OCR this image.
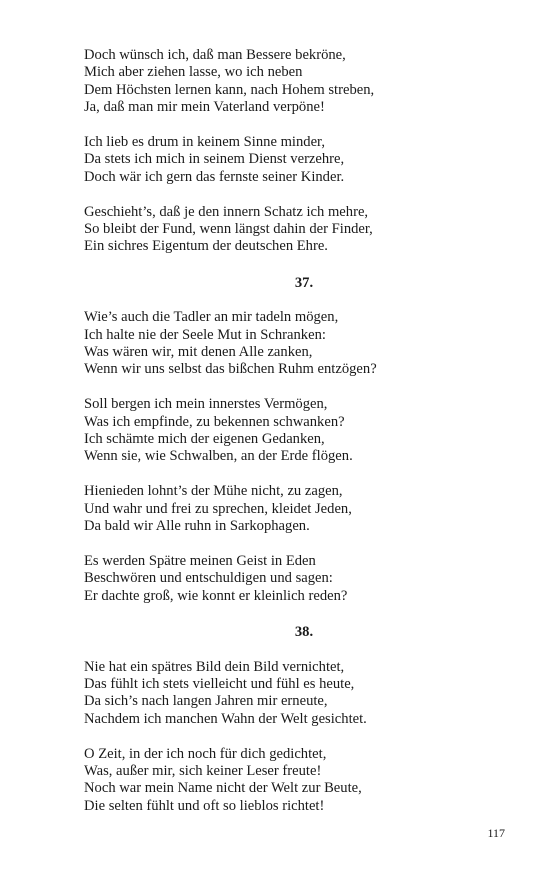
Doch wünsch ich, daß man Bessere bekröne,
Mich aber ziehen lasse, wo ich neben
Dem Höchsten lernen kann, nach Hohem streben,
Ja, daß man mir mein Vaterland verpöne!
Ich lieb es drum in keinem Sinne minder,
Da stets ich mich in seinem Dienst verzehre,
Doch wär ich gern das fernste seiner Kinder.
Geschieht’s, daß je den innern Schatz ich mehre,
So bleibt der Fund, wenn längst dahin der Finder,
Ein sichres Eigentum der deutschen Ehre.
37.
Wie’s auch die Tadler an mir tadeln mögen,
Ich halte nie der Seele Mut in Schranken:
Was wären wir, mit denen Alle zanken,
Wenn wir uns selbst das bißchen Ruhm entzögen?
Soll bergen ich mein innerstes Vermögen,
Was ich empfinde, zu bekennen schwanken?
Ich schämte mich der eigenen Gedanken,
Wenn sie, wie Schwalben, an der Erde flögen.
Hienieden lohnt’s der Mühe nicht, zu zagen,
Und wahr und frei zu sprechen, kleidet Jeden,
Da bald wir Alle ruhn in Sarkophagen.
Es werden Spätre meinen Geist in Eden
Beschwören und entschuldigen und sagen:
Er dachte groß, wie konnt er kleinlich reden?
38.
Nie hat ein spätres Bild dein Bild vernichtet,
Das fühlt ich stets vielleicht und fühl es heute,
Da sich’s nach langen Jahren mir erneute,
Nachdem ich manchen Wahn der Welt gesichtet.
O Zeit, in der ich noch für dich gedichtet,
Was, außer mir, sich keiner Leser freute!
Noch war mein Name nicht der Welt zur Beute,
Die selten fühlt und oft so lieblos richtet!
117
